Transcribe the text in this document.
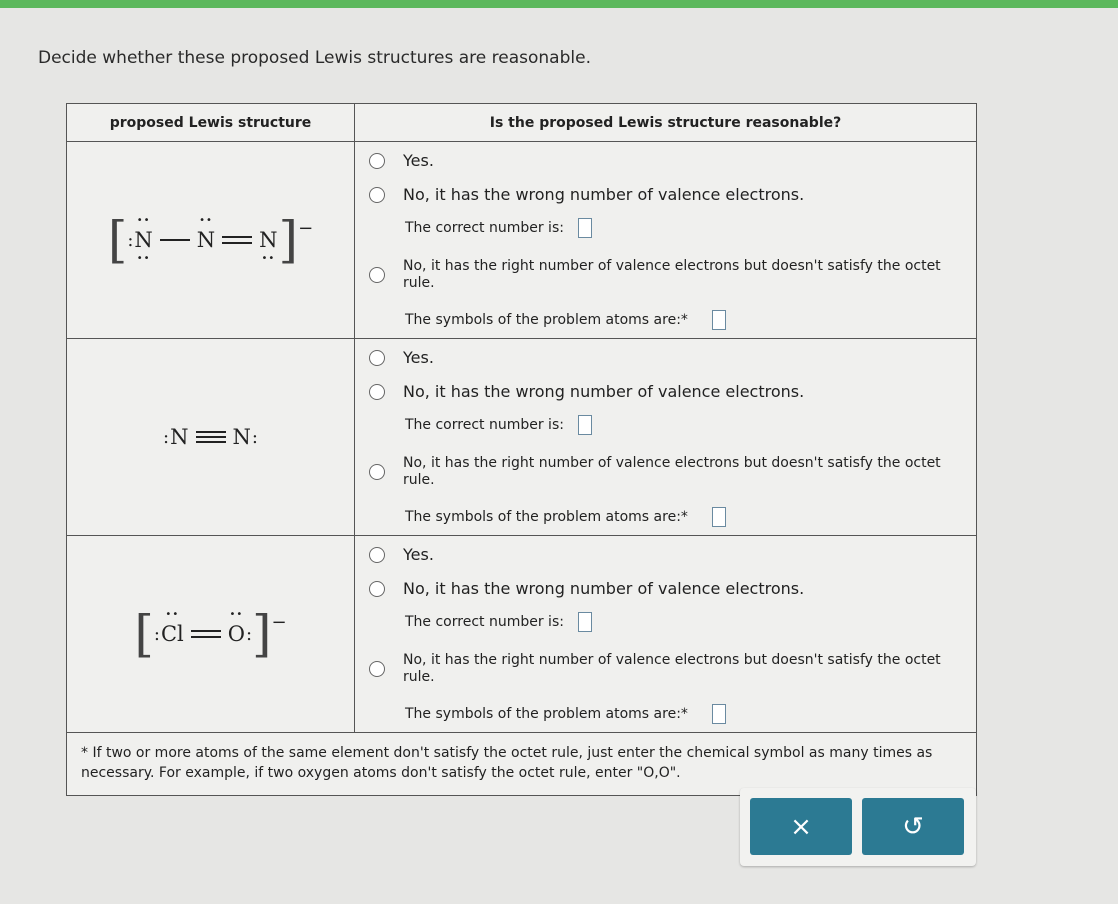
Decide whether these proposed Lewis structures are reasonable.
proposed Lewis structure	Is the proposed Lewis structure reasonable?
[ :
••
N
••
••
N N
•• ] −
Yes.
No, it has the wrong number of valence electrons.
The correct number is:
No, it has the right number of valence electrons but doesn't satisfy the octet rule.
The symbols of the problem atoms are:*
: N N :
Yes.
No, it has the wrong number of valence electrons.
The correct number is:
No, it has the right number of valence electrons but doesn't satisfy the octet rule.
The symbols of the problem atoms are:*
[ :
••
Cl
••
O : ] −
Yes.
No, it has the wrong number of valence electrons.
The correct number is:
No, it has the right number of valence electrons but doesn't satisfy the octet rule.
The symbols of the problem atoms are:*
* If two or more atoms of the same element don't satisfy the octet rule, just enter the chemical symbol as many times as necessary. For example, if two oxygen atoms don't satisfy the octet rule, enter "O,O".
×	↺
